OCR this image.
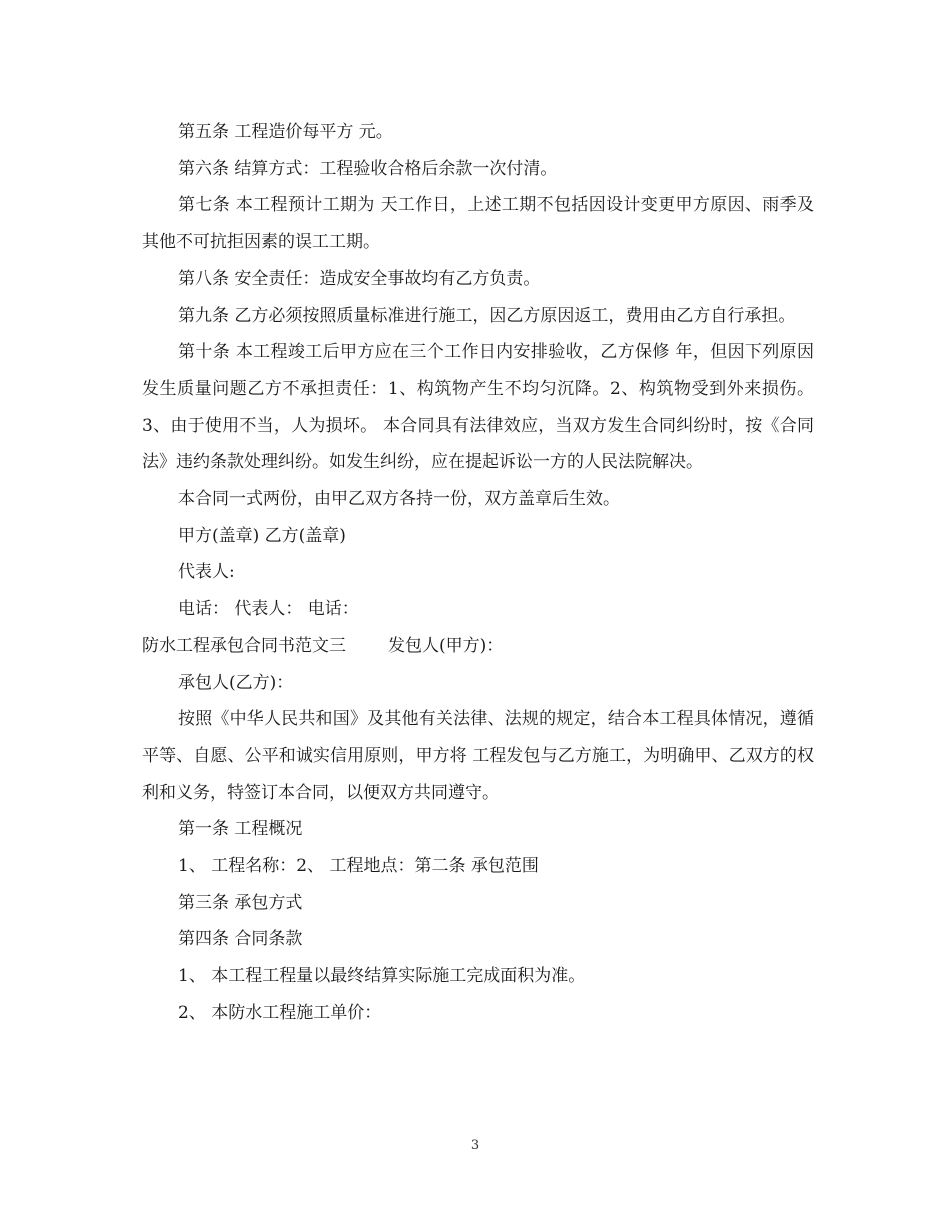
第五条 工程造价每平方 元。

第六条 结算方式：工程验收合格后余款一次付清。

第七条 本工程预计工期为 天工作日，上述工期不包括因设计变更甲方原因、雨季及其他不可抗拒因素的误工工期。

第八条 安全责任：造成安全事故均有乙方负责。

第九条 乙方必须按照质量标准进行施工，因乙方原因返工，费用由乙方自行承担。

第十条 本工程竣工后甲方应在三个工作日内安排验收，乙方保修 年，但因下列原因发生质量问题乙方不承担责任：1、构筑物产生不均匀沉降。2、构筑物受到外来损伤。3、由于使用不当，人为损坏。 本合同具有法律效应，当双方发生合同纠纷时，按《合同法》违约条款处理纠纷。如发生纠纷，应在提起诉讼一方的人民法院解决。

本合同一式两份，由甲乙双方各持一份，双方盖章后生效。

甲方(盖章) 乙方(盖章)

代表人:

电话： 代表人： 电话：

防水工程承包合同书范文三 发包人(甲方)：

承包人(乙方)：

按照《中华人民共和国》及其他有关法律、法规的规定，结合本工程具体情况，遵循平等、自愿、公平和诚实信用原则，甲方将 工程发包与乙方施工，为明确甲、乙双方的权利和义务，特签订本合同，以便双方共同遵守。

第一条 工程概况

1、 工程名称：2、 工程地点：第二条 承包范围

第三条 承包方式

第四条 合同条款

1、 本工程工程量以最终结算实际施工完成面积为准。

2、 本防水工程施工单价：

3
